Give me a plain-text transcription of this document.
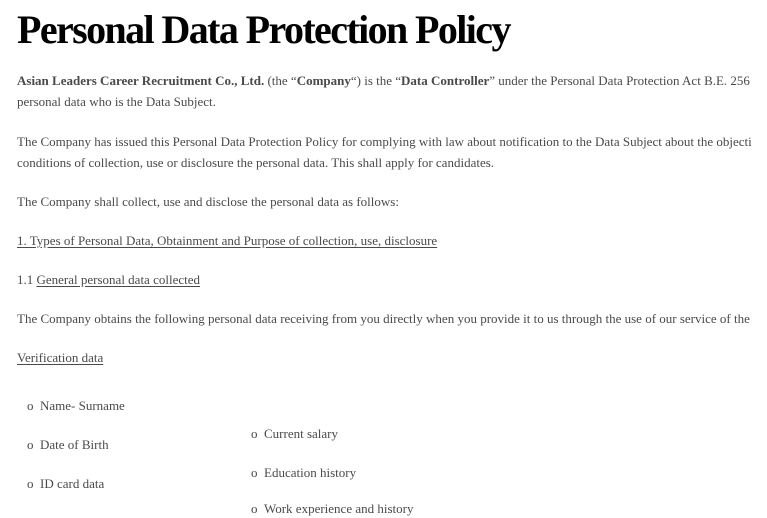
Personal Data Protection Policy

Asian Leaders Career Recruitment Co., Ltd. (the “Company“) is the “Data Controller” under the Personal Data Protection Act B.E. 256

personal data who is the Data Subject.

The Company has issued this Personal Data Protection Policy for complying with law about notification to the Data Subject about the objecti

conditions of collection, use or disclosure the personal data. This shall apply for candidates.

The Company shall collect, use and disclose the personal data as follows:

1. Types of Personal Data, Obtainment and Purpose of collection, use, disclosure

1.1 General personal data collected

The Company obtains the following personal data receiving from you directly when you provide it to us through the use of our service of the

Verification data

o Name- Surname
o Date of Birth
o ID card data
o Current salary
o Education history
o Work experience and history
